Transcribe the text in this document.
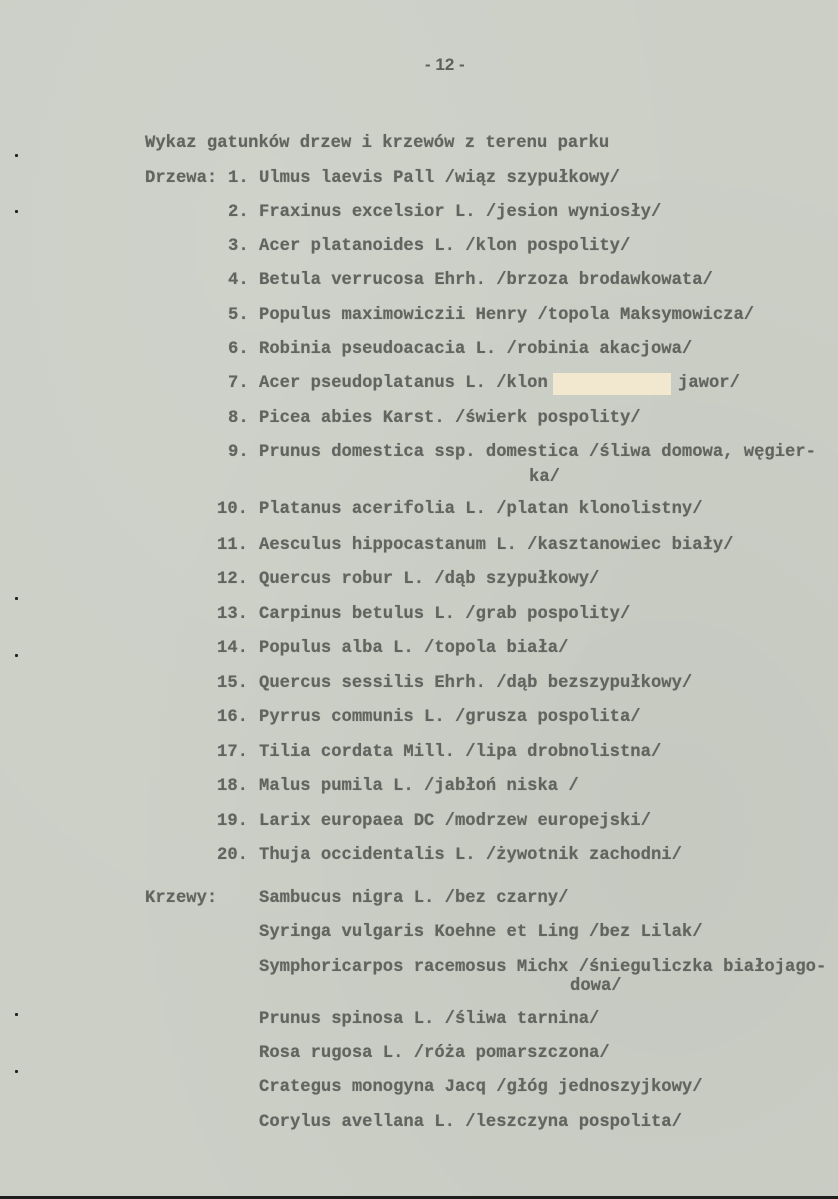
- 12 -
Wykaz gatunków drzew i krzewów z terenu parku
Drzewa: 1. Ulmus laevis Pall /wiąz szypułkowy/
2. Fraxinus excelsior L. /jesion wyniosły/
3. Acer platanoides L. /klon pospolity/
4. Betula verrucosa Ehrh. /brzoza brodawkowata/
5. Populus maximowiczii Henry /topola Maksymowicza/
6. Robinia pseudoacacia L. /robinia akacjowa/
7. Acer pseudoplatanus L. /klon	jawor/
8. Picea abies Karst. /świerk pospolity/
9. Prunus domestica ssp. domestica /śliwa domowa, węgier-
ka/
10. Platanus acerifolia L. /platan klonolistny/
11. Aesculus hippocastanum L. /kasztanowiec biały/
12. Quercus robur L. /dąb szypułkowy/
13. Carpinus betulus L. /grab pospolity/
14. Populus alba L. /topola biała/
15. Quercus sessilis Ehrh. /dąb bezszypułkowy/
16. Pyrrus communis L. /grusza pospolita/
17. Tilia cordata Mill. /lipa drobnolistna/
18. Malus pumila L. /jabłoń niska /
19. Larix europaea DC /modrzew europejski/
20. Thuja occidentalis L. /żywotnik zachodni/
Krzewy: Sambucus nigra L. /bez czarny/
Syringa vulgaris Koehne et Ling /bez Lilak/
Symphoricarpos racemosus Michx /śnieguliczka białojago-
dowa/
Prunus spinosa L. /śliwa tarnina/
Rosa rugosa L. /róża pomarszczona/
Crategus monogyna Jacq /głóg jednoszyjkowy/
Corylus avellana L. /leszczyna pospolita/
